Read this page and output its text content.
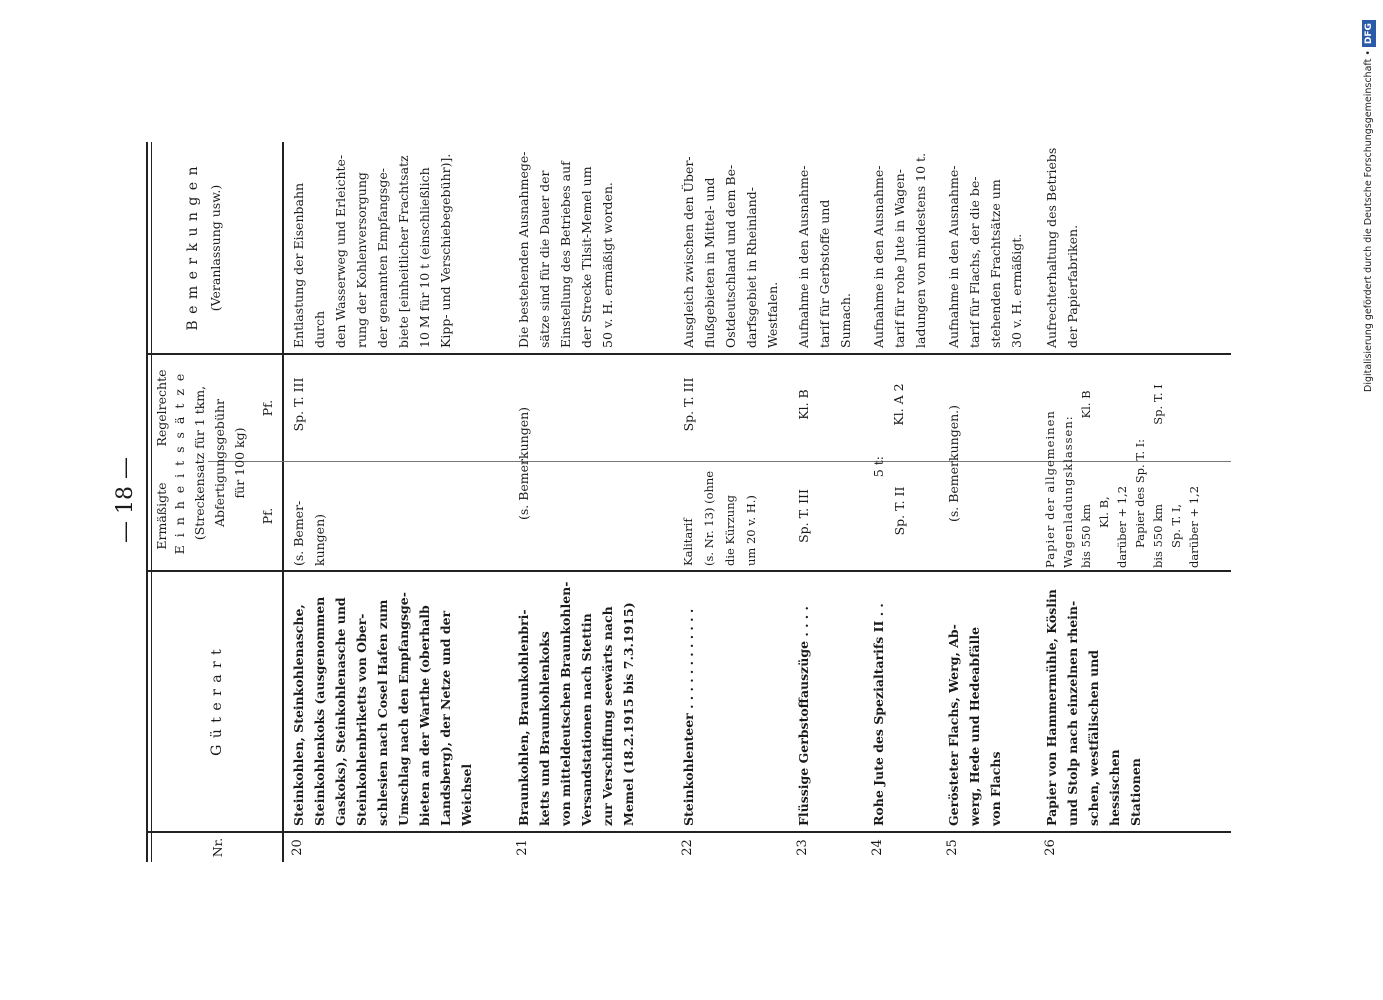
— 18 —
Digitalisierung gefördert durch die Deutsche Forschungsgemeinschaft •
DFG
Nr.
G ü t e r a r t
Ermäßigte
Regelrechte E i n h e i t s s ä t z e (Streckensatz für 1 tkm, Abfertigungsgebühr für 100 kg)
Pf.
Pf.
B e m e r k u n g e n (Veranlassung usw.)
20
Steinkohlen, Steinkohlenasche, Steinkohlenkoks (ausgenommen Gaskoks), Steinkohlenasche und Steinkohlenbriketts von Ober- schlesien nach Cosel Hafen zum Umschlag nach den Empfangsge- bieten an der Warthe (oberhalb Landsberg), der Netze und der Weichsel
(s. Bemer- kungen)
Sp. T. III
Entlastung der Eisenbahn durch den Wasserweg und Erleichte- rung der Kohlenversorgung der genannten Empfangsge- biete [einheitlicher Frachtsatz 10 M für 10 t (einschließlich Kipp- und Verschiebegebühr)].
21
Braunkohlen, Braunkohlenbri- ketts und Braunkohlenkoks von mitteldeutschen Braunkohlen- Versandstationen nach Stettin zur Verschiffung seewärts nach Memel (18.2.1915 bis 7.3.1915)
(s. Bemerkungen)
Die bestehenden Ausnahmege- sätze sind für die Dauer der Einstellung des Betriebes auf der Strecke Tilsit-Memel um 50 v. H. ermäßigt worden.
22
Steinkohlenteer . . . . . . . . . . . .
Kalitarif (s. Nr. 13) (ohne die Kürzung um 20 v. H.)
Sp. T. III
Ausgleich zwischen den Über- flußgebieten in Mittel- und Ostdeutschland und dem Be- darfsgebiet in Rheinland- Westfalen.
23
Flüssige Gerbstoffauszüge . . . .
Sp. T. III
Kl. B
Aufnahme in den Ausnahme- tarif für Gerbstoffe und Sumach.
24
Rohe Jute des Spezialtarifs II . .
5 t:
Sp. T. II
Kl. A 2
Aufnahme in den Ausnahme- tarif für rohe Jute in Wagen- ladungen von mindestens 10 t.
25
Gerösteter Flachs, Werg, Ab- werg, Hede und Hedeabfälle von Flachs
(s. Bemerkungen.)
Aufnahme in den Ausnahme- tarif für Flachs, der die be- stehenden Frachtsätze um 30 v. H. ermäßigt.
26
Papier von Hammermühle, Köslin und Stolp nach einzelnen rhein- schen, westfälischen und hessischen Stationen
Papier der allgemeinen Wagenladungsklassen: bis 550 km Kl. B, darüber + 1,2 Papier des Sp. T. I: bis 550 km Sp. T. I, darüber + 1,2
Kl. B	Sp. T. I
Aufrechterhaltung des Betriebs der Papierfabriken.
